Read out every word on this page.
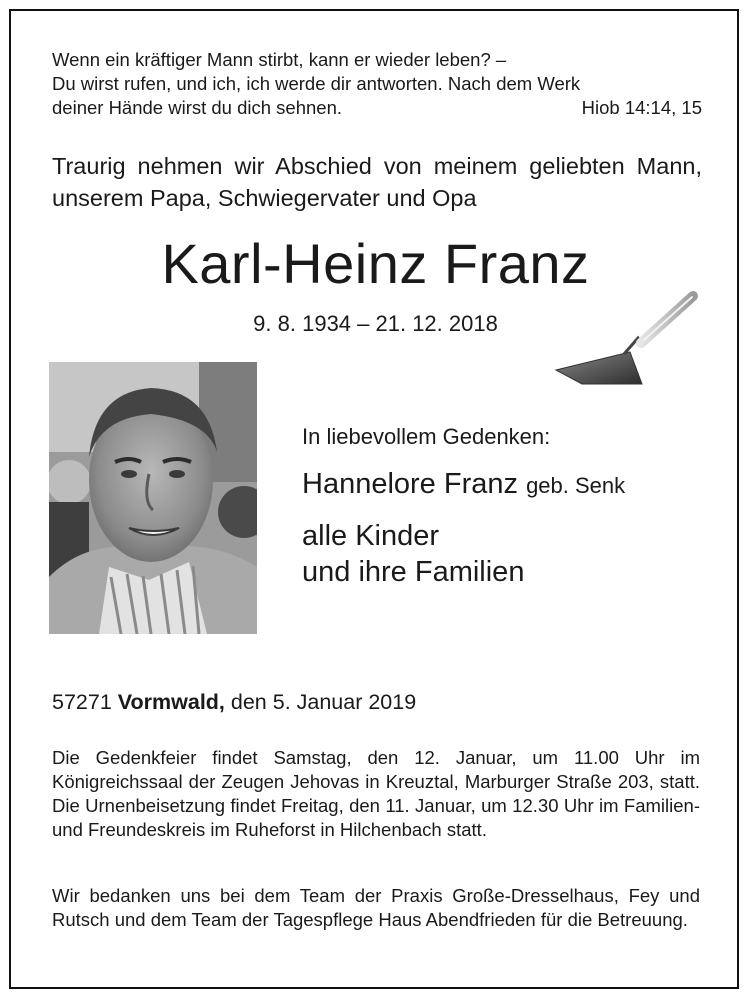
Wenn ein kräftiger Mann stirbt, kann er wieder leben? –
Du wirst rufen, und ich, ich werde dir antworten. Nach dem Werk
deiner Hände wirst du dich sehnen.	Hiob 14:14, 15

Traurig nehmen wir Abschied von meinem geliebten Mann, unserem Papa, Schwiegervater und Opa

Karl-Heinz Franz
9. 8. 1934 – 21. 12. 2018
In liebevollem Gedenken:
Hannelore Franz geb. Senk
alle Kinder
und ihre Familien
57271 Vormwald, den 5. Januar 2019

Die Gedenkfeier findet Samstag, den 12. Januar, um 11.00 Uhr im Königreichssaal der Zeugen Jehovas in Kreuztal, Marburger Straße 203, statt. Die Urnenbeisetzung findet Freitag, den 11. Januar, um 12.30 Uhr im Familien- und Freundeskreis im Ruheforst in Hilchenbach statt.

Wir bedanken uns bei dem Team der Praxis Große-Dresselhaus, Fey und Rutsch und dem Team der Tagespflege Haus Abendfrieden für die Betreuung.
